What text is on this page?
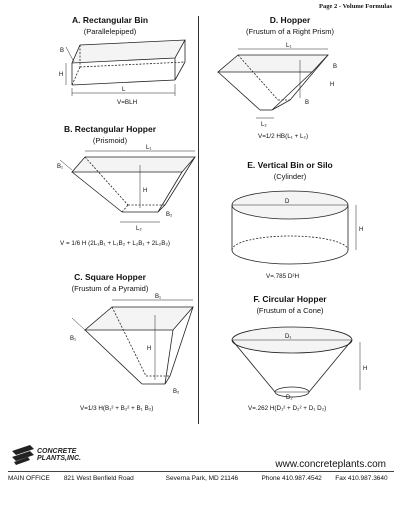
Page 2 - Volume Formulas
A. Rectangular Bin
(Parallelepiped)
B
H
L
V=BLH
B. Rectangular Hopper
(Prismoid)
L₁
B₁
H
B₂
L₂
V = 1/6 H (2L₁B₁ + L₁B₂ + L₂B₁ + 2L₂B₂)
C. Square Hopper
(Frustum of a Pyramid)
B₁
B₁
H
B₂
V=1/3 H(B₁² + B₂² + B₁ B₂)
D. Hopper
(Frustum of a Right Prism)
L₁
B
H
B
L₂
V=1/2 HB(L₁ + L₂)
E. Vertical Bin or Silo
(Cylinder)
D
H
V=.785 D²H
F. Circular Hopper
(Frustum of a Cone)
D₁
H
D₂
V=.262 H(D₁² + D₂² + D₁ D₂)
CONCRETE
PLANTS,INC.
www.concreteplants.com
MAIN OFFICE 821 West Benfield Road	Severna Park, MD 21146	Phone 410.987.4542 Fax 410.987.3640
